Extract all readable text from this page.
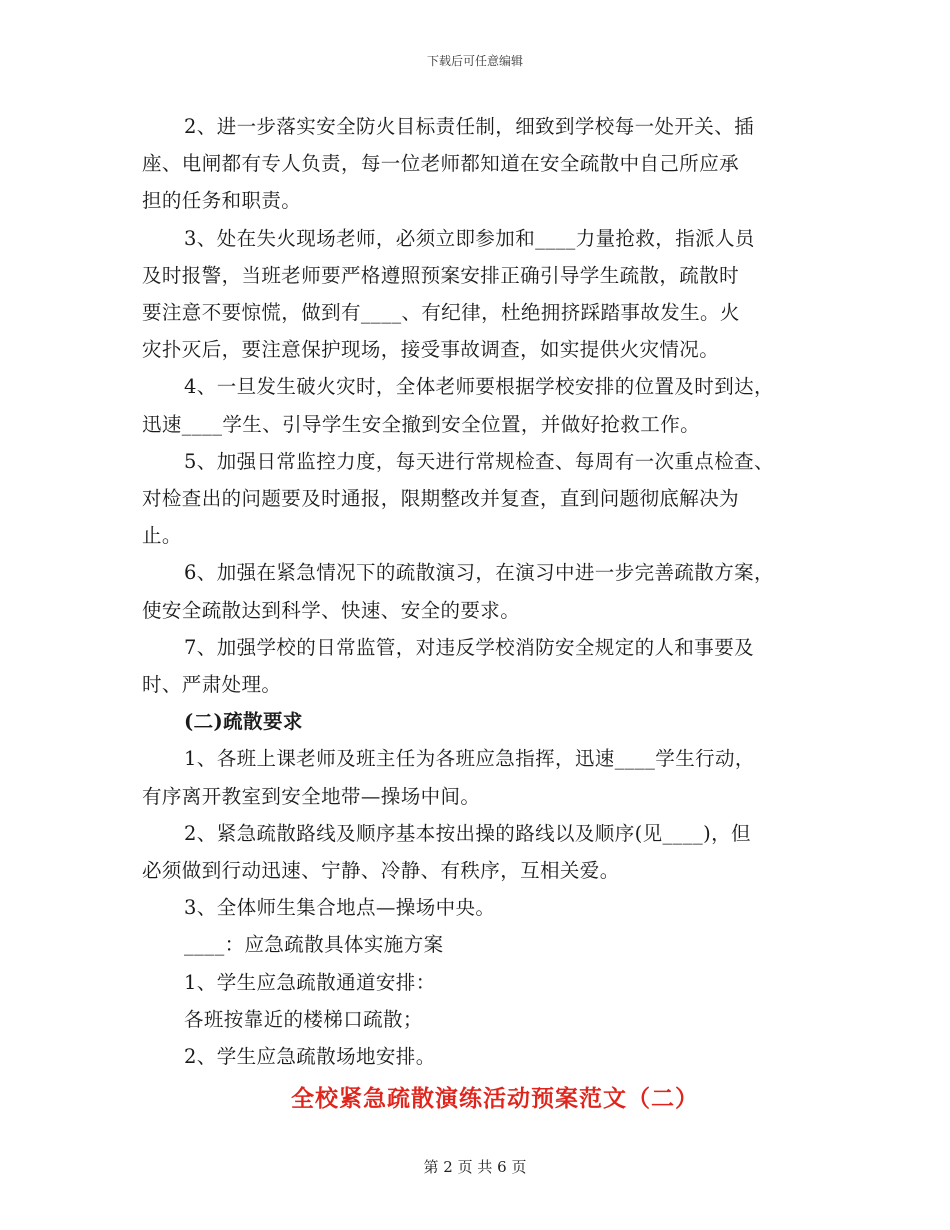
下载后可任意编辑

2、进一步落实安全防火目标责任制，细致到学校每一处开关、插

座、电闸都有专人负责，每一位老师都知道在安全疏散中自己所应承

担的任务和职责。

3、处在失火现场老师，必须立即参加和____力量抢救，指派人员

及时报警，当班老师要严格遵照预案安排正确引导学生疏散，疏散时

要注意不要惊慌，做到有____、有纪律，杜绝拥挤踩踏事故发生。火

灾扑灭后，要注意保护现场，接受事故调查，如实提供火灾情况。

4、一旦发生破火灾时，全体老师要根据学校安排的位置及时到达，

迅速____学生、引导学生安全撤到安全位置，并做好抢救工作。

5、加强日常监控力度，每天进行常规检查、每周有一次重点检查、

对检查出的问题要及时通报，限期整改并复查，直到问题彻底解决为

止。

6、加强在紧急情况下的疏散演习，在演习中进一步完善疏散方案，

使安全疏散达到科学、快速、安全的要求。

7、加强学校的日常监管，对违反学校消防安全规定的人和事要及

时、严肃处理。

(二)疏散要求

1、各班上课老师及班主任为各班应急指挥，迅速____学生行动，

有序离开教室到安全地带—操场中间。

2、紧急疏散路线及顺序基本按出操的路线以及顺序(见____)，但

必须做到行动迅速、宁静、冷静、有秩序，互相关爱。

3、全体师生集合地点—操场中央。

____：应急疏散具体实施方案

1、学生应急疏散通道安排：

各班按靠近的楼梯口疏散；

2、学生应急疏散场地安排。

全校紧急疏散演练活动预案范文（二）
第 2 页 共 6 页
